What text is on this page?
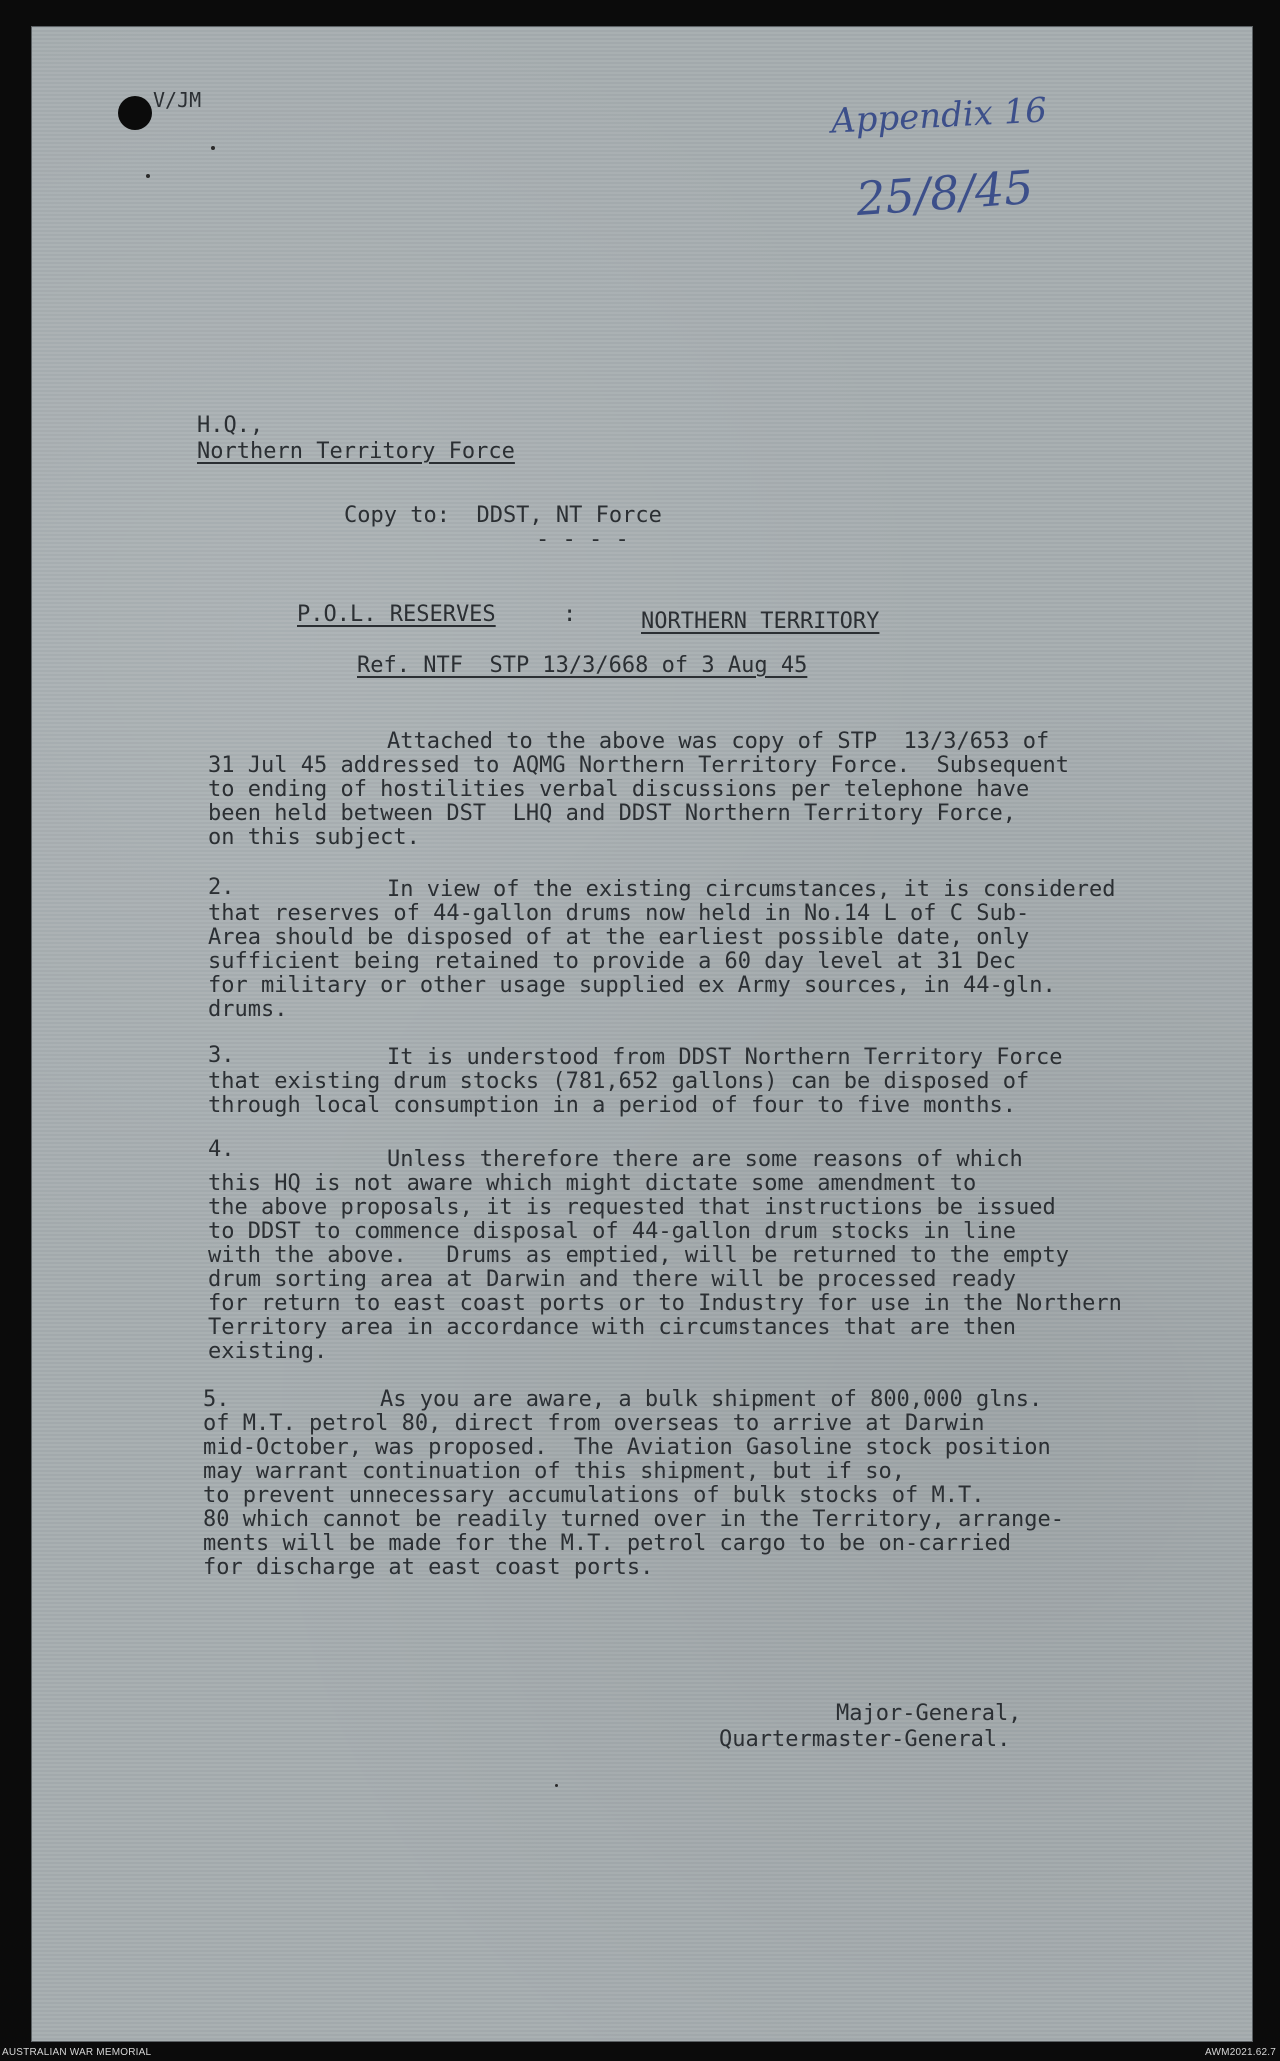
V/JM	Appendix 16
25/8/45
H.Q.,
Northern Territory Force
Copy to:  DDST, NT Force
- - - -
P.O.L. RESERVES	:	NORTHERN TERRITORY
Ref. NTF  STP 13/3/668 of 3 Aug 45
Attached to the above was copy of STP  13/3/653 of
31 Jul 45 addressed to AQMG Northern Territory Force.  Subsequent
to ending of hostilities verbal discussions per telephone have
been held between DST  LHQ and DDST Northern Territory Force,
on this subject.
2.	In view of the existing circumstances, it is considered
that reserves of 44-gallon drums now held in No.14 L of C Sub-
Area should be disposed of at the earliest possible date, only
sufficient being retained to provide a 60 day level at 31 Dec
for military or other usage supplied ex Army sources, in 44-gln.
drums.
3.	It is understood from DDST Northern Territory Force
that existing drum stocks (781,652 gallons) can be disposed of
through local consumption in a period of four to five months.
4.	Unless therefore there are some reasons of which
this HQ is not aware which might dictate some amendment to
the above proposals, it is requested that instructions be issued
to DDST to commence disposal of 44-gallon drum stocks in line
with the above.   Drums as emptied, will be returned to the empty
drum sorting area at Darwin and there will be processed ready
for return to east coast ports or to Industry for use in the Northern
Territory area in accordance with circumstances that are then
existing.
5.	As you are aware, a bulk shipment of 800,000 glns.
of M.T. petrol 80, direct from overseas to arrive at Darwin
mid-October, was proposed.  The Aviation Gasoline stock position
may warrant continuation of this shipment, but if so,
to prevent unnecessary accumulations of bulk stocks of M.T.
80 which cannot be readily turned over in the Territory, arrange-
ments will be made for the M.T. petrol cargo to be on-carried
for discharge at east coast ports.
Major-General,
Quartermaster-General.
AUSTRALIAN WAR MEMORIAL	AWM2021.62.7
